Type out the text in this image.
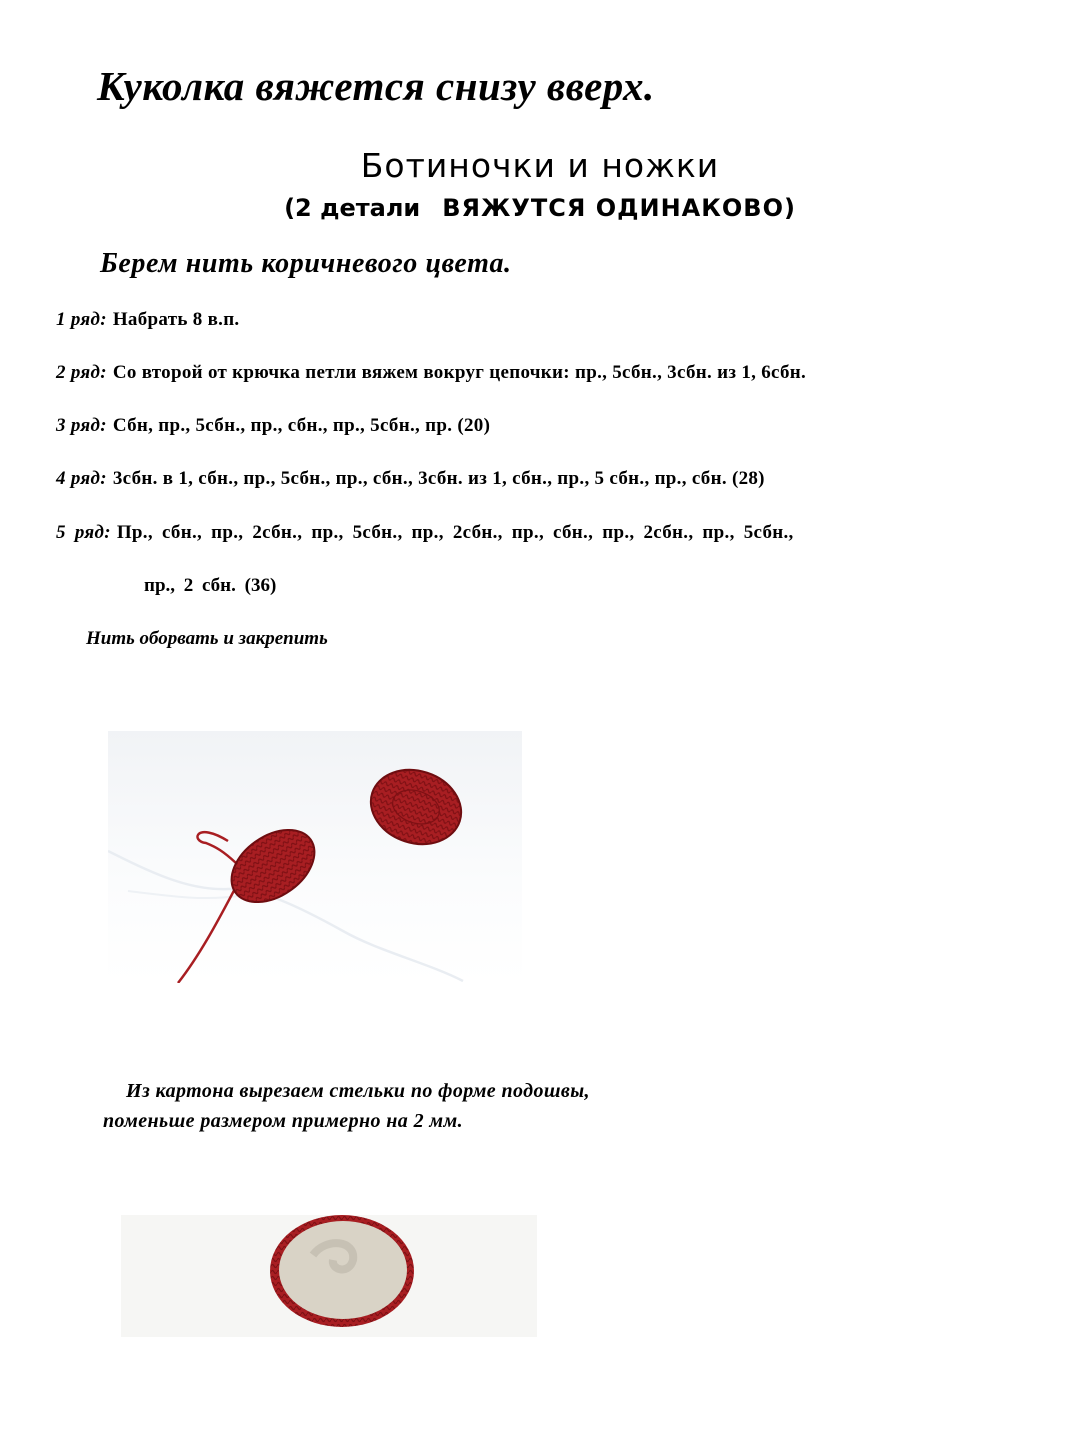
Куколка вяжется снизу вверх.
Ботиночки и ножки
(2 детали ВЯЖУТСЯ ОДИНАКОВО)
Берем нить коричневого цвета.
1 ряд: Набрать 8 в.п.
2 ряд: Со второй от крючка петли вяжем вокруг цепочки: пр., 5сбн., 3сбн. из 1, 6сбн.
3 ряд: Сбн, пр., 5сбн., пр., сбн., пр., 5сбн., пр. (20)
4 ряд: 3сбн. в 1, сбн., пр., 5сбн., пр., сбн., 3сбн. из 1, сбн., пр., 5 сбн., пр., сбн. (28)
5 ряд: Пр., сбн., пр., 2сбн., пр., 5сбн., пр., 2сбн., пр., сбн., пр., 2сбн., пр., 5сбн.,
пр., 2 сбн. (36)
Нить оборвать и закрепить
Из картона вырезаем стельки по форме подошвы,
поменьше размером примерно на 2 мм.
